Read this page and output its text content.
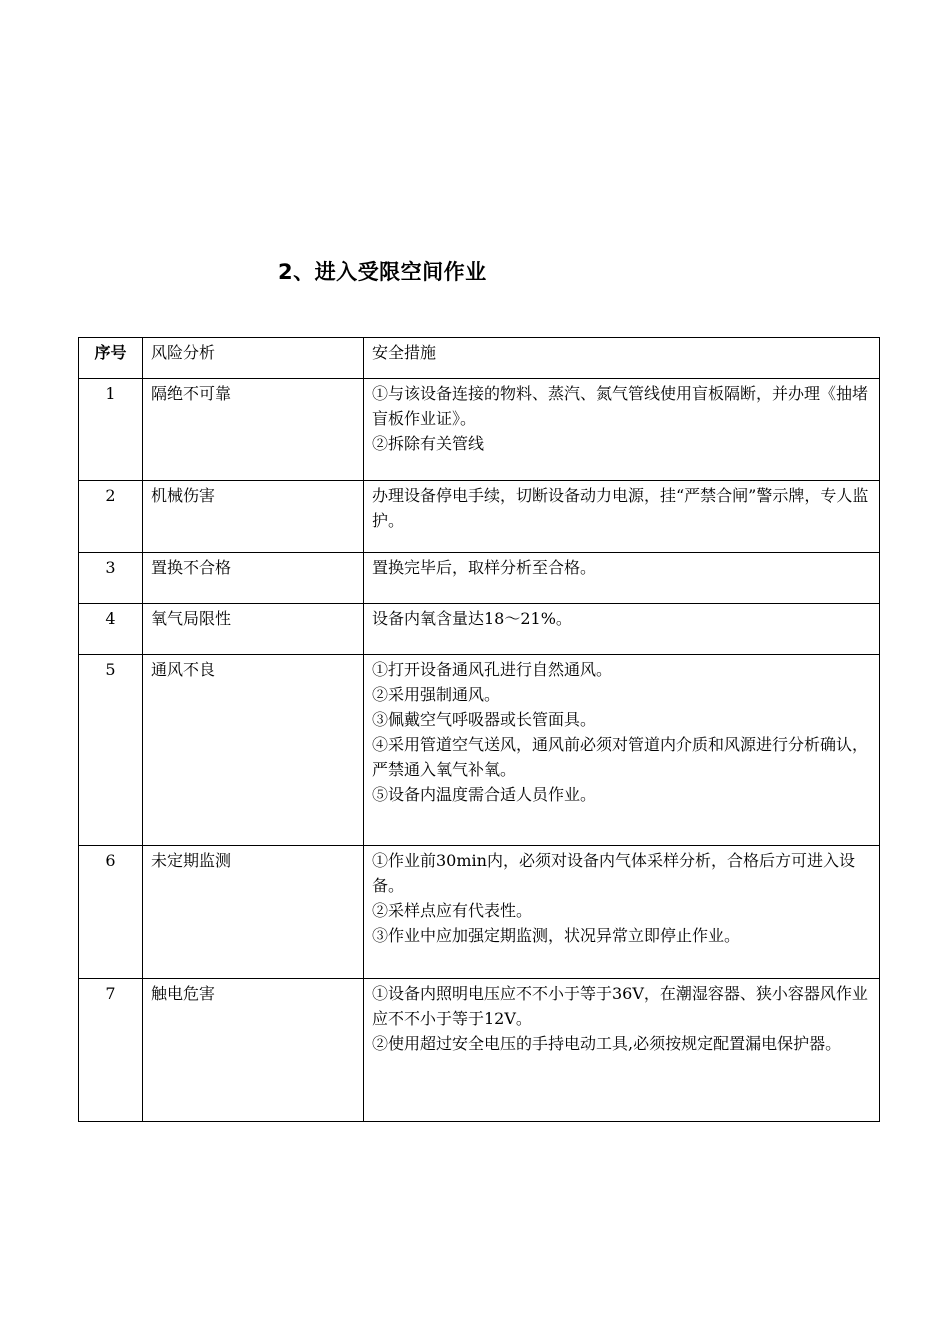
2、进入受限空间作业
序号	风险分析	安全措施
1	隔绝不可靠	①与该设备连接的物料、蒸汽、氮气管线使用盲板隔断，并办理《抽堵盲板作业证》。
②拆除有关管线

2	机械伤害	办理设备停电手续，切断设备动力电源，挂“严禁合闸”警示牌，专人监护。

3	置换不合格	置换完毕后，取样分析至合格。

4	氧气局限性	设备内氧含量达18～21%。

5	通风不良	①打开设备通风孔进行自然通风。
②采用强制通风。
③佩戴空气呼吸器或长管面具。
④采用管道空气送风，通风前必须对管道内介质和风源进行分析确认，严禁通入氧气补氧。
⑤设备内温度需合适人员作业。

6	未定期监测	①作业前30min内，必须对设备内气体采样分析，合格后方可进入设备。
②采样点应有代表性。
③作业中应加强定期监测，状况异常立即停止作业。

7	触电危害	①设备内照明电压应不不小于等于36V，在潮湿容器、狭小容器风作业应不不小于等于12V。
②使用超过安全电压的手持电动工具,必须按规定配置漏电保护器。
